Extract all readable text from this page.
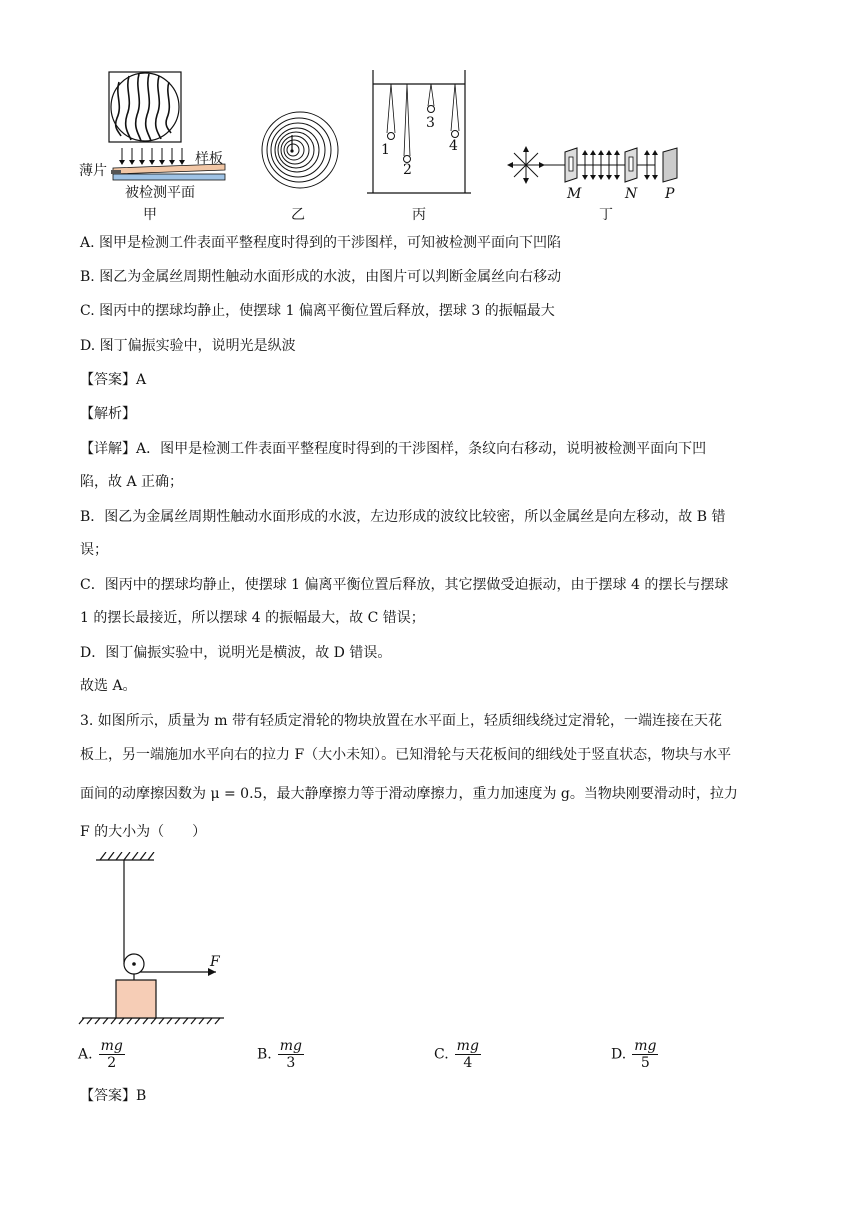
样板
薄片
被检测平面
甲	乙
1
2
3
4
丙
M	N P
丁
A. 图甲是检测工件表面平整程度时得到的干涉图样，可知被检测平面向下凹陷
B. 图乙为金属丝周期性触动水面形成的水波，由图片可以判断金属丝向右移动
C. 图丙中的摆球均静止，使摆球 1 偏离平衡位置后释放，摆球 3 的振幅最大
D. 图丁偏振实验中，说明光是纵波
【答案】A
【解析】
【详解】A．图甲是检测工件表面平整程度时得到的干涉图样，条纹向右移动，说明被检测平面向下凹
陷，故 A 正确；
B．图乙为金属丝周期性触动水面形成的水波，左边形成的波纹比较密，所以金属丝是向左移动，故 B 错
误；
C．图丙中的摆球均静止，使摆球 1 偏离平衡位置后释放，其它摆做受迫振动，由于摆球 4 的摆长与摆球
1 的摆长最接近，所以摆球 4 的振幅最大，故 C 错误；
D．图丁偏振实验中，说明光是横波，故 D 错误。
故选 A。
3. 如图所示，质量为 m 带有轻质定滑轮的物块放置在水平面上，轻质细线绕过定滑轮，一端连接在天花
板上，另一端施加水平向右的拉力 F（大小未知）。已知滑轮与天花板间的细线处于竖直状态，物块与水平
面间的动摩擦因数为 μ = 0.5，最大静摩擦力等于滑动摩擦力，重力加速度为 g。当物块刚要滑动时，拉力
F 的大小为（　　）
F
A. $\frac{mg}{2}$	B. $\frac{mg}{3}$	C. $\frac{mg}{4}$	D. $\frac{mg}{5}$
【答案】B
